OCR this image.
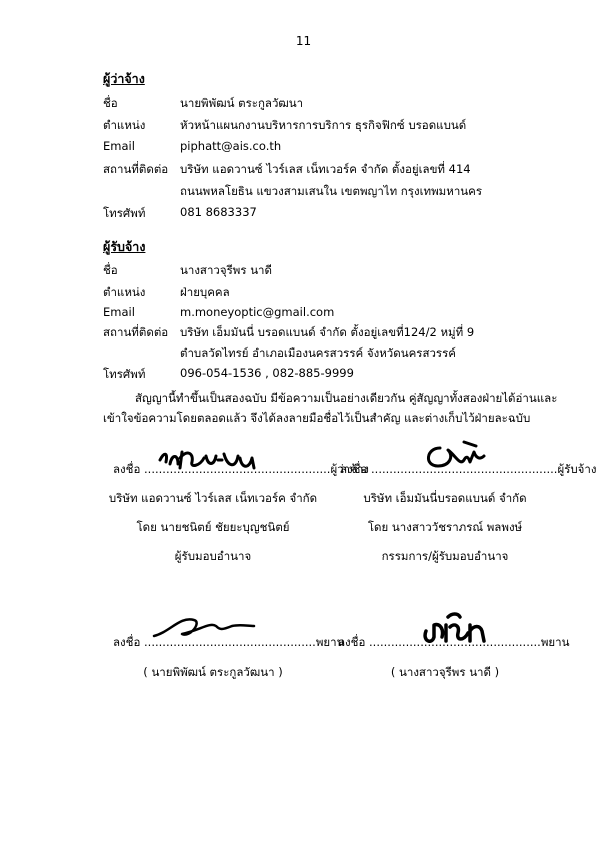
11
ผู้ว่าจ้าง
ชื่อ	นายพิพัฒน์ ตระกูลวัฒนา
ตำแหน่ง	หัวหน้าแผนกงานบริหารการบริการ ธุรกิจฟิกซ์ บรอดแบนด์
Email	piphatt@ais.co.th
สถานที่ติดต่อ บริษัท แอดวานซ์ ไวร์เลส เน็ทเวอร์ค จำกัด ตั้งอยู่เลขที่ 414
ถนนพหลโยธิน แขวงสามเสนใน เขตพญาไท กรุงเทพมหานคร
โทรศัพท์	081 8683337
ผู้รับจ้าง
ชื่อ	นางสาวจุรีพร นาดี
ตำแหน่ง	ฝ่ายบุคคล
Email	m.moneyoptic@gmail.com
สถานที่ติดต่อ บริษัท เอ็มมันนี่ บรอดแบนด์ จำกัด ตั้งอยู่เลขที่124/2 หมู่ที่ 9
ตำบลวัดไทรย์ อำเภอเมืองนครสวรรค์ จังหวัดนครสวรรค์
โทรศัพท์	096-054-1536 , 082-885-9999
สัญญานี้ทำขึ้นเป็นสองฉบับ มีข้อความเป็นอย่างเดียวกัน คู่สัญญาทั้งสองฝ่ายได้อ่านและเข้าใจข้อความโดยตลอดแล้ว จึงได้ลงลายมือชื่อไว้เป็นสำคัญ และต่างเก็บไว้ฝ่ายละฉบับ
ลงชื่อ ...................................................ผู้ว่าจ้าง
บริษัท แอดวานซ์ ไวร์เลส เน็ทเวอร์ค จำกัด
โดย นายชนิตย์ ชัยยะบุญชนิตย์
ผู้รับมอบอำนาจ
ลงชื่อ ...................................................ผู้รับจ้าง
บริษัท เอ็มมันนี่บรอดแบนด์ จำกัด
โดย นางสาววัชราภรณ์ พลพงษ์
กรรมการ/ผู้รับมอบอำนาจ
ลงชื่อ ...............................................พยาน
( นายพิพัฒน์ ตระกูลวัฒนา )
ลงชื่อ ...............................................พยาน
( นางสาวจุรีพร นาดี )
